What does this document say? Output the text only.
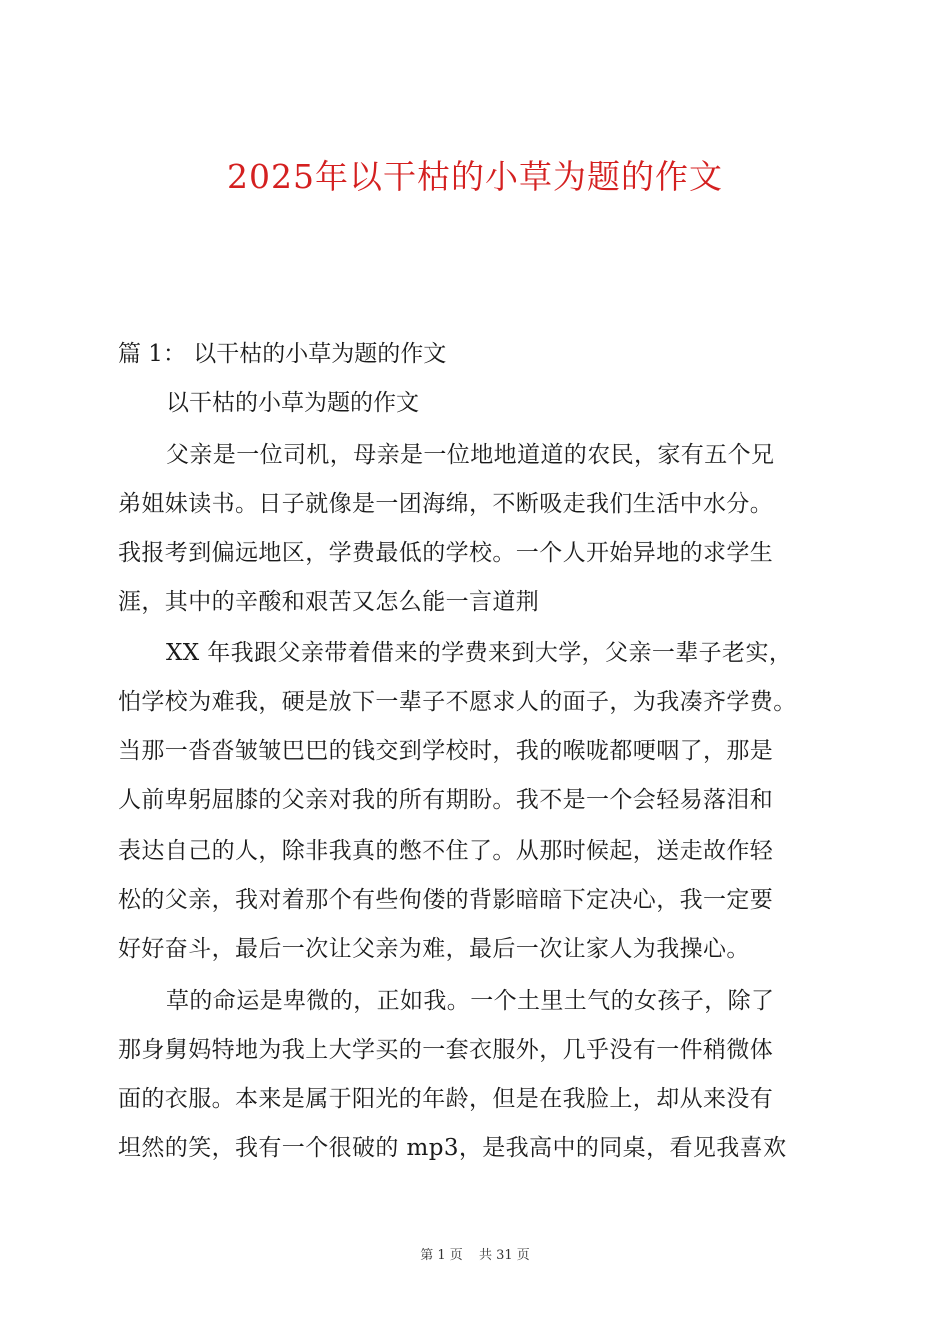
2025年以干枯的小草为题的作文

篇 1： 以干枯的小草为题的作文

以干枯的小草为题的作文

父亲是一位司机，母亲是一位地地道道的农民，家有五个兄

弟姐妹读书。日子就像是一团海绵，不断吸走我们生活中水分。

我报考到偏远地区，学费最低的学校。一个人开始异地的求学生

涯，其中的辛酸和艰苦又怎么能一言道荆

XX 年我跟父亲带着借来的学费来到大学，父亲一辈子老实，

怕学校为难我，硬是放下一辈子不愿求人的面子，为我凑齐学费。

当那一沓沓皱皱巴巴的钱交到学校时，我的喉咙都哽咽了，那是

人前卑躬屈膝的父亲对我的所有期盼。我不是一个会轻易落泪和

表达自己的人，除非我真的憋不住了。从那时候起，送走故作轻

松的父亲，我对着那个有些佝偻的背影暗暗下定决心，我一定要

好好奋斗，最后一次让父亲为难，最后一次让家人为我操心。

草的命运是卑微的，正如我。一个土里土气的女孩子，除了

那身舅妈特地为我上大学买的一套衣服外，几乎没有一件稍微体

面的衣服。本来是属于阳光的年龄，但是在我脸上，却从来没有

坦然的笑，我有一个很破的 mp3，是我高中的同桌，看见我喜欢

第 1 页 共 31 页
